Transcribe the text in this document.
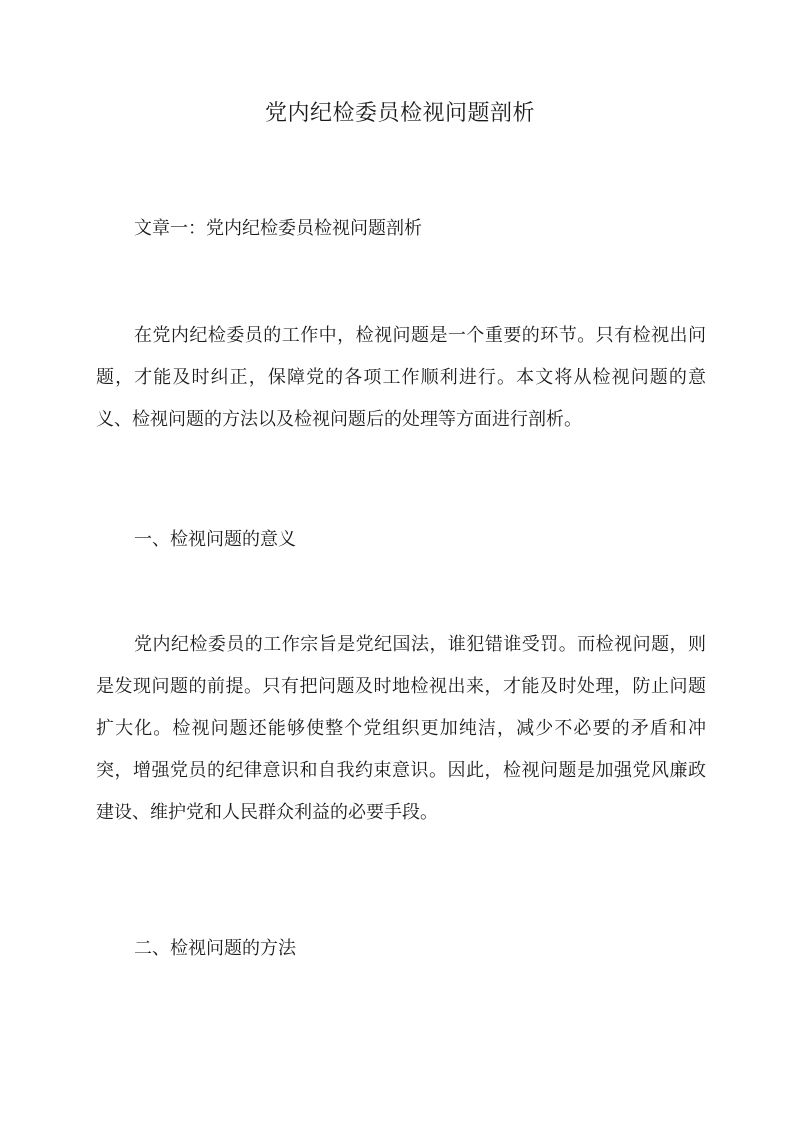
党内纪检委员检视问题剖析

文章一：党内纪检委员检视问题剖析

在党内纪检委员的工作中，检视问题是一个重要的环节。只有检视出问题，才能及时纠正，保障党的各项工作顺利进行。本文将从检视问题的意义、检视问题的方法以及检视问题后的处理等方面进行剖析。

一、检视问题的意义

党内纪检委员的工作宗旨是党纪国法，谁犯错谁受罚。而检视问题，则是发现问题的前提。只有把问题及时地检视出来，才能及时处理，防止问题扩大化。检视问题还能够使整个党组织更加纯洁，减少不必要的矛盾和冲突，增强党员的纪律意识和自我约束意识。因此，检视问题是加强党风廉政建设、维护党和人民群众利益的必要手段。

二、检视问题的方法
